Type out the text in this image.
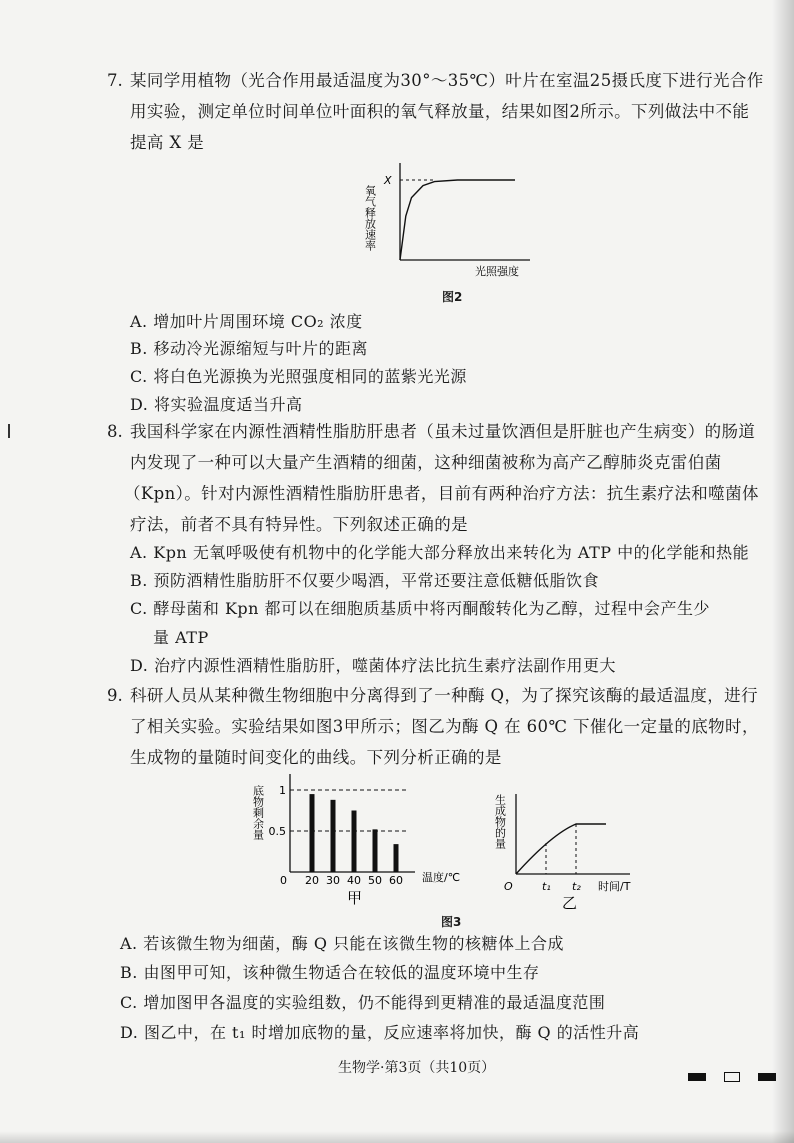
7. 某同学用植物（光合作用最适温度为30°～35℃）叶片在室温25摄氏度下进行光合作
用实验，测定单位时间单位叶面积的氧气释放量，结果如图2所示。下列做法中不能
提高 X 是
X
氧气释放速率
光照强度
图2
A. 增加叶片周围环境 CO₂ 浓度
B. 移动冷光源缩短与叶片的距离
C. 将白色光源换为光照强度相同的蓝紫光光源
D. 将实验温度适当升高
8. 我国科学家在内源性酒精性脂肪肝患者（虽未过量饮酒但是肝脏也产生病变）的肠道
内发现了一种可以大量产生酒精的细菌，这种细菌被称为高产乙醇肺炎克雷伯菌
（Kpn）。针对内源性酒精性脂肪肝患者，目前有两种治疗方法：抗生素疗法和噬菌体
疗法，前者不具有特异性。下列叙述正确的是
A. Kpn 无氧呼吸使有机物中的化学能大部分释放出来转化为 ATP 中的化学能和热能
B. 预防酒精性脂肪肝不仅要少喝酒，平常还要注意低糖低脂饮食
C. 酵母菌和 Kpn 都可以在细胞质基质中将丙酮酸转化为乙醇，过程中会产生少
量 ATP
D. 治疗内源性酒精性脂肪肝，噬菌体疗法比抗生素疗法副作用更大
9. 科研人员从某种微生物细胞中分离得到了一种酶 Q，为了探究该酶的最适温度，进行
了相关实验。实验结果如图3甲所示；图乙为酶 Q 在 60℃ 下催化一定量的底物时，
生成物的量随时间变化的曲线。下列分析正确的是
底物剩余量
温度/℃
甲
0
1
0.5
20 30 40 50 60
生成物的量
时间/T
乙
O	t₁ t₂
图3
A. 若该微生物为细菌，酶 Q 只能在该微生物的核糖体上合成
B. 由图甲可知，该种微生物适合在较低的温度环境中生存
C. 增加图甲各温度的实验组数，仍不能得到更精准的最适温度范围
D. 图乙中，在 t₁ 时增加底物的量，反应速率将加快，酶 Q 的活性升高
生物学·第3页（共10页）
